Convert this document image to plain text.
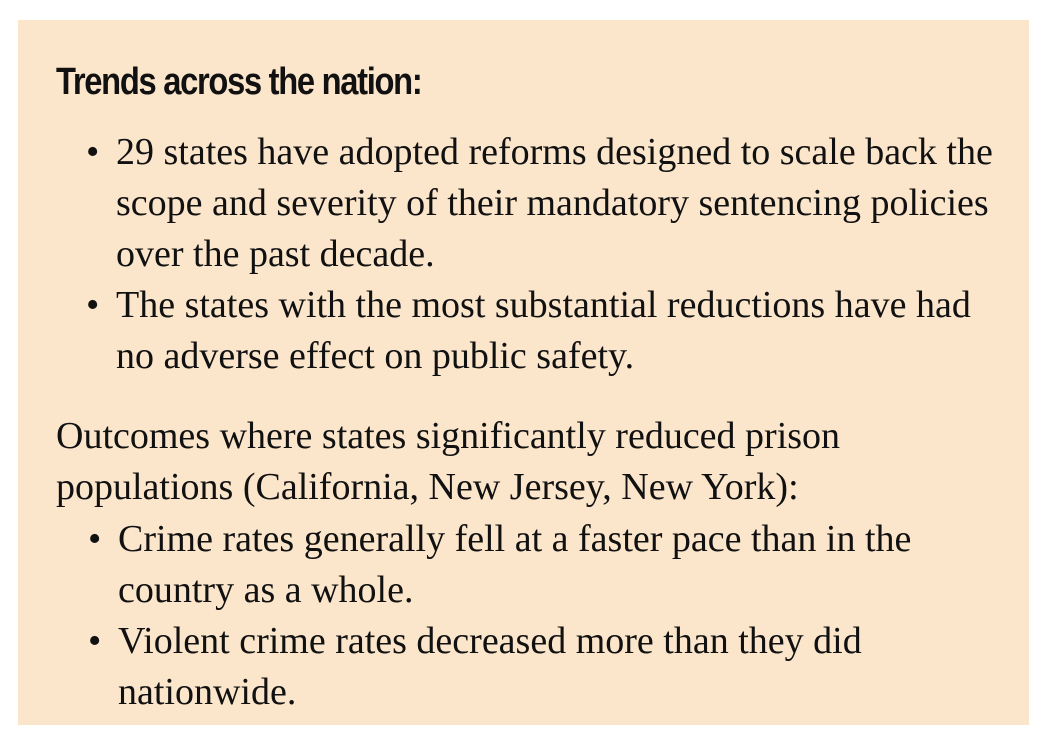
Trends across the nation:
• 29 states have adopted reforms designed to scale back the scope and severity of their mandatory sentencing policies over the past decade.
• The states with the most substantial reductions have had no adverse effect on public safety.

Outcomes where states significantly reduced prison populations (California, New Jersey, New York):

• Crime rates generally fell at a faster pace than in the country as a whole.
• Violent crime rates decreased more than they did nationwide.
